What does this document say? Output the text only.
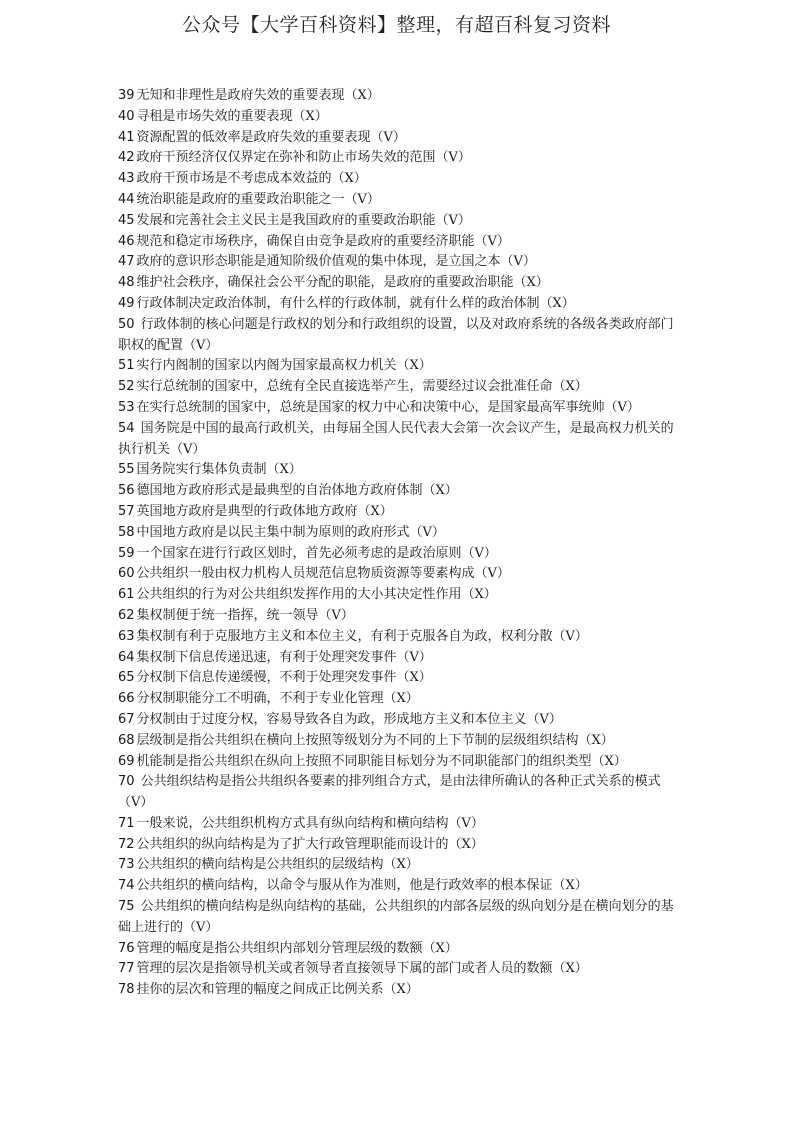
公众号【大学百科资料】整理，有超百科复习资料
39 无知和非理性是政府失效的重要表现（X）
40 寻租是市场失效的重要表现（X）
41 资源配置的低效率是政府失效的重要表现（V）
42 政府干预经济仅仅界定在弥补和防止市场失效的范围（V）
43 政府干预市场是不考虑成本效益的（X）
44 统治职能是政府的重要政治职能之一（V）
45 发展和完善社会主义民主是我国政府的重要政治职能（V）
46 规范和稳定市场秩序，确保自由竞争是政府的重要经济职能（V）
47 政府的意识形态职能是通知阶级价值观的集中体现，是立国之本（V）
48 维护社会秩序，确保社会公平分配的职能，是政府的重要政治职能（X）
49 行政体制决定政治体制，有什么样的行政体制，就有什么样的政治体制（X）
50 行政体制的核心问题是行政权的划分和行政组织的设置，以及对政府系统的各级各类政府部门职权的配置（V）
51 实行内阁制的国家以内阁为国家最高权力机关（X）
52 实行总统制的国家中，总统有全民直接选举产生，需要经过议会批准任命（X）
53 在实行总统制的国家中，总统是国家的权力中心和决策中心，是国家最高军事统帅（V）
54 国务院是中国的最高行政机关，由每届全国人民代表大会第一次会议产生，是最高权力机关的执行机关（V）
55 国务院实行集体负责制（X）
56 德国地方政府形式是最典型的自治体地方政府体制（X）
57 英国地方政府是典型的行政体地方政府（X）
58 中国地方政府是以民主集中制为原则的政府形式（V）
59 一个国家在进行行政区划时，首先必须考虑的是政治原则（V）
60 公共组织一般由权力机构人员规范信息物质资源等要素构成（V）
61 公共组织的行为对公共组织发挥作用的大小其决定性作用（X）
62 集权制便于统一指挥，统一领导（V）
63 集权制有利于克服地方主义和本位主义，有利于克服各自为政，权利分散（V）
64 集权制下信息传递迅速，有利于处理突发事件（V）
65 分权制下信息传递缓慢，不利于处理突发事件（X）
66 分权制职能分工不明确，不利于专业化管理（X）
67 分权制由于过度分权，容易导致各自为政，形成地方主义和本位主义（V）
68 层级制是指公共组织在横向上按照等级划分为不同的上下节制的层级组织结构（X）
69 机能制是指公共组织在纵向上按照不同职能目标划分为不同职能部门的组织类型（X）
70 公共组织结构是指公共组织各要素的排列组合方式，是由法律所确认的各种正式关系的模式（V）
71 一般来说，公共组织机构方式具有纵向结构和横向结构（V）
72 公共组织的纵向结构是为了扩大行政管理职能而设计的（X）
73 公共组织的横向结构是公共组织的层级结构（X）
74 公共组织的横向结构，以命令与服从作为准则，他是行政效率的根本保证（X）
75 公共组织的横向结构是纵向结构的基础，公共组织的内部各层级的纵向划分是在横向划分的基础上进行的（V）
76 管理的幅度是指公共组织内部划分管理层级的数额（X）
77 管理的层次是指领导机关或者领导者直接领导下属的部门或者人员的数额（X）
78 挂你的层次和管理的幅度之间成正比例关系（X）
